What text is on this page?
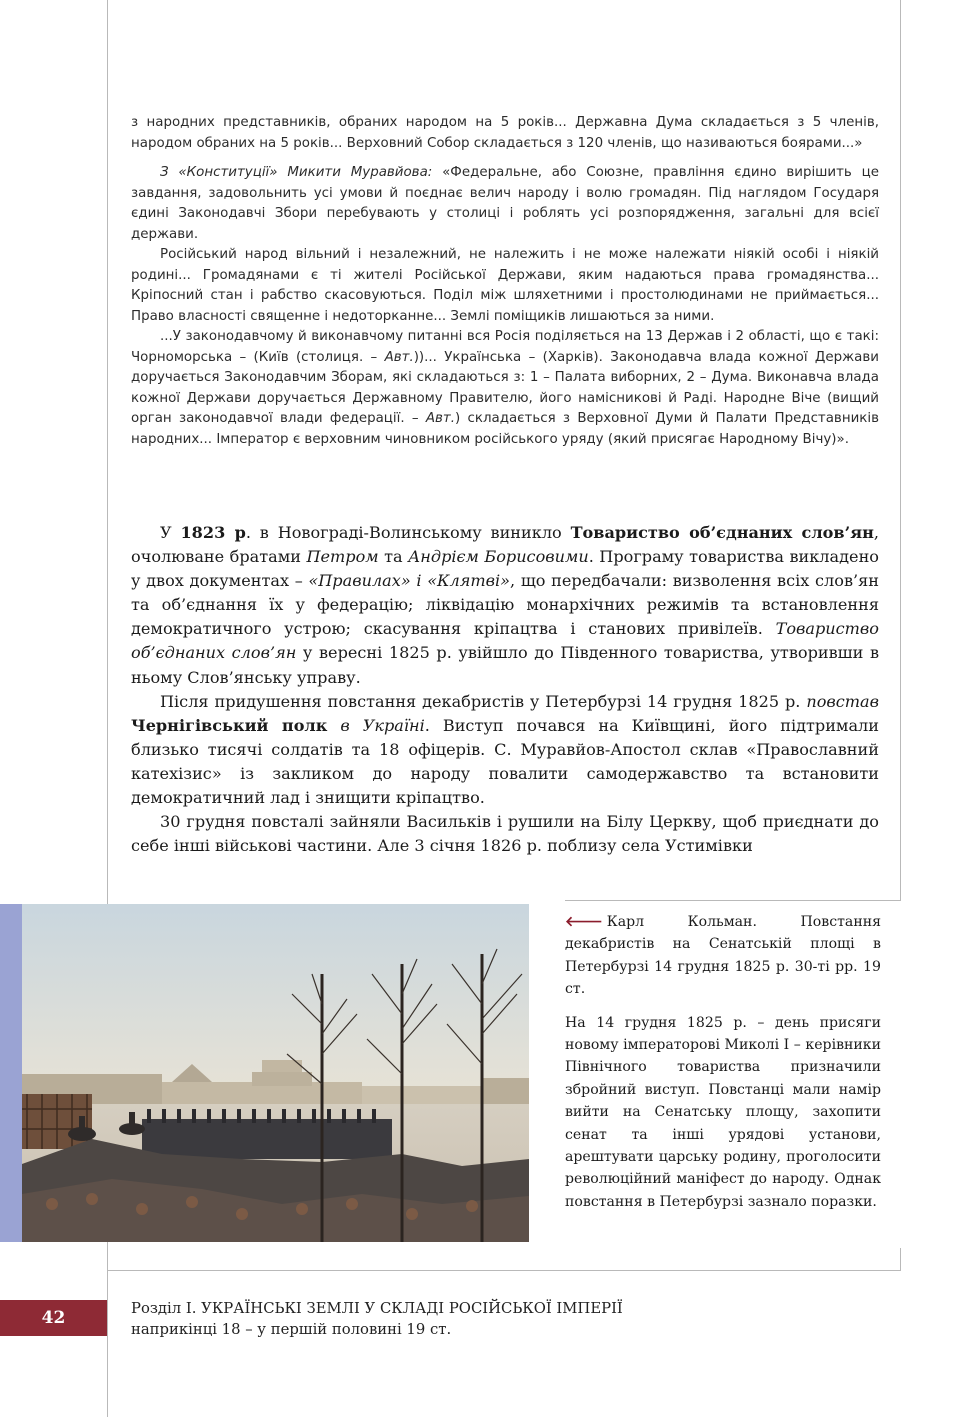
з народних представників, обраних народом на 5 років... Державна Дума складається з 5 членів, народом обраних на 5 років... Верховний Собор складається з 120 членів, що називаються боярами...»

З «Конституції» Микити Муравйова: «Федеральне, або Союзне, правління єдино вирішить це завдання, задовольнить усі умови й поєднає велич народу і волю громадян. Під наглядом Государя єдині Законодавчі Збори перебувають у столиці і роблять усі розпорядження, загальні для всієї держави.

Російський народ вільний і незалежний, не належить і не може належати ніякій особі і ніякій родині... Громадянами є ті жителі Російської Держави, яким надаються права громадянства... Кріпосний стан і рабство скасовуються. Поділ між шляхетними і простолюдинами не приймається... Право власності священне і недоторканне... Землі поміщиків лишаються за ними.

...У законодавчому й виконавчому питанні вся Росія поділяється на 13 Держав і 2 області, що є такі: Чорноморська – (Київ (столиця. – Авт.))... Українська – (Харків). Законодавча влада кожної Держави доручається Законодавчим Зборам, які складаються з: 1 – Палата виборних, 2 – Дума. Виконавча влада кожної Держави доручається Державному Правителю, його намісникові й Раді. Народне Віче (вищий орган законодавчої влади федерації. – Авт.) складається з Верховної Думи й Палати Представників народних... Імператор є верховним чиновником російського уряду (який присягає Народному Вічу)».

У 1823 р. в Новограді-Волинському виникло Товариство об’єднаних слов’ян, очолюване братами Петром та Андрієм Борисовими. Програму товариства викладено у двох документах – «Правилах» і «Клятві», що передбачали: визволення всіх слов’ян та об’єднання їх у федерацію; ліквідацію монархічних режимів та встановлення демократичного устрою; скасування кріпацтва і станових привілеїв. Товариство об’єднаних слов’ян у вересні 1825 р. увійшло до Південного товариства, утворивши в ньому Слов’янську управу.

Після придушення повстання декабристів у Петербурзі 14 грудня 1825 р. повстав Чернігівський полк в Україні. Виступ почався на Київщині, його підтримали близько тисячі солдатів та 18 офіцерів. С. Муравйов-Апостол склав «Православний катехізис» із закликом до народу повалити самодержавство та встановити демократичний лад і знищити кріпацтво.

30 грудня повсталі зайняли Васильків і рушили на Білу Церкву, щоб приєднати до себе інші військові частини. Але 3 січня 1826 р. поблизу села Устимівки

🡐 Карл Кольман. Повстання декабристів на Сенатській площі в Петербурзі 14 грудня 1825 р. 30-ті рр. 19 ст.

На 14 грудня 1825 р. – день присяги новому імператорові Миколі I – керівники Північного товариства призначили збройний виступ. Повстанці мали намір вийти на Сенатську площу, захопити сенат та інші урядові установи, арештувати царську родину, проголосити революційний маніфест до народу. Однак повстання в Петербурзі зазнало поразки.

42	Розділ I. УКРАЇНСЬКІ ЗЕМЛІ У СКЛАДІ РОСІЙСЬКОЇ ІМПЕРІЇ
наприкінці 18 – у першій половині 19 ст.
